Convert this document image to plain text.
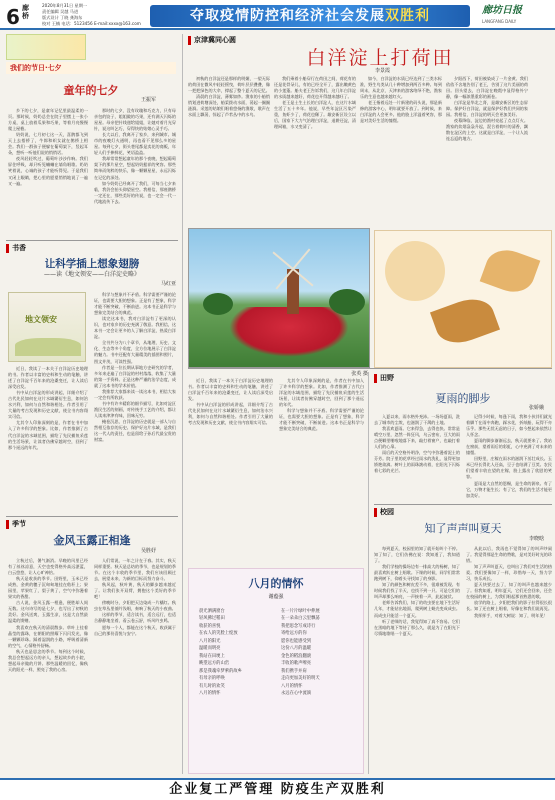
6 廊桥
2020年8月31日 星期一
责任编辑 吴越 马进
版式设计 丁晓 龚海东
校对 王楠 电话：5123456 E-mail:xxxx@163.com	夺取疫情防控和经济社会发展双胜利	廊坊日报
LANGFANG DAILY
我们的节日·七夕
童年的七夕
王振军

乡下的七夕，是童年记忆里最温柔的一页。那时候，奶奶总会在院子里摆上一张小方桌，桌上放着瓜果和巧果，等着月亮慢慢爬上屋檐。

奶奶说，七月初七这一天，喜鹊都飞到天上去搭桥了，牛郎和织女就在鹊桥上相会。我们一群孩子便躲在葡萄架下，竖起耳朵，想听一听他们说的悄悄话。

夜风轻轻吹过，葡萄叶沙沙作响。我们屏住呼吸，却只听见蛐蛐在墙角唱歌。奶奶笑着说，心诚的孩子才能听得见。于是我们又闭上眼睛，把心里的愿望悄悄地说了一遍又一遍。

那时的七夕，没有玫瑰和巧克力，只有母亲包的饺子，姐姐做的巧果，还有满天闪烁的星星。母亲把针线递给姐姐，让她对着月光穿针，说这叫乞巧，穿得快的姑娘心灵手巧。

长大以后，我离开了家乡，来到城市。城市的夜晚灯火通明，再也看不见那么多的星星。每到七夕，街头巷尾都是卖花的商贩，年轻人们手捧鲜花，笑语盈盈。

我却常常想起童年的那个夜晚，想起葡萄架下的那片星空，想起奶奶慈祥的笑容。那些简单而纯粹的快乐，像一颗颗星星，永远闪烁在记忆的深处。

如今奶奶已经离开了我们，可每当七夕来临，我仍会抬头仰望星空。我相信，那座鹊桥一定还在，那些美好的传说，也一定会一代一代地流传下去。

京津冀同心圆
白洋淀上打荷田
李景霞

初秋的白洋淀还是那样的明媚，一望无际的荷田在微风中轻轻摇曳，荷叶层层叠叠，像一把把绿色的大伞，撑起了整个夏天的记忆。

清晨的白洋淀，薄雾如纱。渔家的小船悄悄划进荷塘深处，船桨拨动水面，荡起一圈圈涟漪。采莲的姑娘们唱着悠扬的渔歌，歌声在水面上飘荡，惊起了芦苇丛中的水鸟。

我们乘着小船穿行在荷田之间，荷花有的还是花骨朵儿，有的已经全开了，露出嫩黄色的小莲蓬。船夫老王告诉我们，这几年白洋淀的水质越来越好，荷花也开得越来越旺了。

老王是土生土长的白洋淀人，在这片水域生活了五十多年。他说，早些年淀区污染严重，鱼虾少了，荷花也稀了。雄安新区设立以后，国家下大力气治理白洋淀，退耕还淀，清理网箱，水又变清了。

如今，白洋淀的水质已经达到了三类水标准，野生鸟类从几十种增加到两百多种。每到周末，从北京、天津来的游客络绎不绝，渔家乐的生意也越来越红火。

老王指着远处一片新建的码头说，那是新修的游客中心，明年就要开放了。到时候，来白洋淀的人会更多。他的脸上洋溢着笑容，那是对美好生活的憧憬。

夕阳西下，荷田被染成了一片金黄。我们依依不舍地告别了老王，告别了这片美丽的荷田。回头望去，白洋淀在晚霞中显得格外宁静，像一幅浓墨重彩的画卷。

白洋淀是华北之肾，是雄安新区的生态屏障。保护好白洋淀，就是保护好我们共同的家园。我相信，白洋淀的明天会更加美好。

夜幕降临，淀边的渔村亮起了点点灯火。渔家的炊烟袅袅升起，混合着荷叶的清香，飘散在淀区的上空。这就是白洋淀，一个让人流连忘返的地方。

张英 摄
书香
让科学插上想象翅膀
——读《地文领安——白洋淀史略》
马红亚
地文领安

近日，我读了一本关于白洋淀历史地理的书。作者以丰富的史料和生动的笔触，讲述了白洋淀千百年来的沧桑变迁，让人读后深受启发。

书中从白洋淀的形成讲起，详细介绍了古代先民如何在这片水域繁衍生息，如何治水兴利，如何与自然和谐相处。作者引用了大量的考古发现和历史文献，使全书内容翔实可信。

尤其令人印象深刻的是，作者在书中加入了许多科学的想象。比如，作者推测了古代白洋淀的水域范围，描绘了先民捕鱼采莲的生活场景，让读者仿佛穿越时空，回到了那个遥远的年代。

科学与想象并不矛盾。科学需要严谨的论证，也需要大胆的想象。正是有了想象，科学才能不断突破，不断前进。这本书正是科学与想象完美结合的典范。

读完这本书，我对白洋淀有了更深的认识，也对家乡的历史充满了敬意。我相信，这本书一定会让更多的人了解白洋淀，热爱白洋淀。

全书共分为八个章节，从地理、历史、文化、生态等多个角度，全方位地展示了白洋淀的魅力。书中还配有大量精美的插图和照片，图文并茂，可读性强。

作者是一位长期从事地方史研究的学者，多年来走遍了白洋淀的村村落落，收集了大量的第一手资料。正是这种严谨的治学态度，成就了这本书的学术价值。

我推荐大家都来读一读这本书，相信大家一定会有所收获。

书中有许多精彩的细节描写，比如对淀区渔民生活的刻画，对传统手工艺的介绍，都让人读来津津有味，回味无穷。

掩卷沉思，白洋淀的历史就是一部人与自然相互依存的历史。保护好这片水域，是我们这一代人的责任，也是留给子孙后代最宝贵的财富。

近日，我读了一本关于白洋淀历史地理的书。作者以丰富的史料和生动的笔触，讲述了白洋淀千百年来的沧桑变迁，让人读后深受启发。

书中从白洋淀的形成讲起，详细介绍了古代先民如何在这片水域繁衍生息，如何治水兴利，如何与自然和谐相处。作者引用了大量的考古发现和历史文献，使全书内容翔实可信。

尤其令人印象深刻的是，作者在书中加入了许多科学的想象。比如，作者推测了古代白洋淀的水域范围，描绘了先民捕鱼采莲的生活场景，让读者仿佛穿越时空，回到了那个遥远的年代。

科学与想象并不矛盾。科学需要严谨的论证，也需要大胆的想象。正是有了想象，科学才能不断突破，不断前进。这本书正是科学与想象完美结合的典范。

季节
金风玉露正相逢
吴胜妤

立秋过后，暑气渐消。早晚的风里已经有了丝丝凉意，天空也变得格外高远湛蓝，白云悠悠，让人心旷神怡。

秋天是收获的季节。田野里，玉米已经成熟，金黄的穗子沉甸甸地挂在秸秆上；果园里，苹果红了，梨子黄了，空气中弥漫着果实的香甜。

古人说，金风玉露一相逢，便胜却人间无数。这句诗写的是七夕，也写出了初秋的美好。金风送爽，玉露生凉，这是大自然最温柔的馈赠。

我喜欢在秋天的清晨散步。草叶上挂着晶莹的露珠，在朝阳的照耀下闪闪发光，像一颗颗珍珠。踩着湿润的小路，呼吸着清新的空气，心情格外舒畅。

秋天也是思念的季节。每到这个时候，我总会想起远方的亲人，想起故乡的小院，想起母亲做的月饼。那些温暖的回忆，像秋天的阳光一样，照亮了我的心房。

人们常说，一年之计在于春。其实，秋天同样重要。秋天是总结的季节，也是规划的季节。在这个丰收的季节里，我们应该回顾过去，展望未来，为新的目标而努力奋斗。

秋风起，秋叶黄，秋天的脚步越来越近了。让我们张开双臂，拥抱这个美好的季节吧！

傍晚时分，夕阳把天边染成一片橘红。秋虫在草丛里低吟浅唱，奏响了秋天的小夜曲。

这样的季节，适合读书，适合远行，也适合静静地坐着，看云卷云舒，听风吟虫鸣。

愿每一个人，都能在这个秋天，收获属于自己的那份喜悦与安宁。

八月的情怀
谢蕴强
晨光洒满窗台
轻风拂过稻田
收获的喜悦
在农人的笑脸上绽放
八月的阳光
温暖而明亮
我站在田埂上
眺望远方的山峦
那是我魂牵梦萦的故乡
有母亲的呼唤
有儿时的欢笑
八月的情怀
在一片片绿叶中伸展
在一朵朵白云里飘荡
我把思念写成诗行
寄给远方的你
愿你也能感受到
这份八月的温暖
金色的稻浪翻滚
丰收的歌声嘹亮
我们携手并肩
走向更加美好的明天
八月的情怀
永远在心中流淌
田野
夏雨的脚步
张娇娥

入夏以来，雨水格外充沛。一场场夏雨，洗去了城市的尘埃，也滋润了干渴的土地。

我喜欢夏雨。它来得急，去得也快。常常是晴空万里，忽然一阵狂风，乌云密布，豆大的雨点便噼里啪啦地落下来，敲打着窗户，也敲打着人们的心扉。

雨后的天空格外明净，空气中弥漫着泥土的芬芳。院子里的花草经过雨水的洗礼，显得更加娇艳欲滴。树叶上的雨珠滚动着，在阳光下闪烁着七彩的光芒。

记得小时候，每逢下雨，我和小伙伴们就光着脚丫在雨中奔跑，踩水花，折纸船，玩得不亦乐乎。那些无忧无虑的日子，如今想起来依然让人怀念。

夏雨的脚步渐渐远去，秋天就要来了。我站在窗前，望着雨后的彩虹，心中充满了对未来的憧憬。

田野里，庄稼在雨水的滋润下茁壮成长。玉米已经长得比人还高，豆子也结满了豆荚。农民们望着丰收在望的庄稼，脸上露出了欣慰的笑容。

夏雨是大自然的恩赐，是生命的源泉。有了它，万物才能生长；有了它，我们的生活才能更加美好。

校园
知了声声叫夏天
李晓晗

每到夏天，校园里的知了就开始叫个不停。知了知了，它们仿佛在说：我知道了，我知道了。

我们学校的操场边有一排高大的杨树，知了最喜欢趴在树上唱歌。下课的时候，同学们常常跑到树下，仰着头寻找知了的身影。

知了的颜色和树皮差不多，很难被发现。有时候我们找了半天，也找不到一只。可是它们的叫声却那么响亮，一声接着一声，此起彼伏。

老师告诉我们，知了的幼虫要在地下生活好几年，才能钻出地面，爬到树上蜕壳变成成虫。而成虫只能活一个夏天。

听了老师的话，我觉得知了真不容易。它们在黑暗的地下等待了那么久，就是为了在阳光下尽情地歌唱一个夏天。

从此以后，我再也不觉得知了的叫声吵闹了。我觉得那是生命的赞歌，是对美好时光的珍惜。

知了声声叫夏天，也叫出了我们对生活的热爱。我们要像知了一样，珍惜每一天，努力学习，快乐成长。

夏天快要过去了，知了的叫声也越来越少了。但我知道，明年夏天，它们还会回来，还会在校园的树上，为我们唱起那首熟悉的歌。

放学的路上，夕阳把我们的影子拉得很长很长。知了还在树上唱着，好像在和我们说再见。

我挥挥手，对着大树说：知了，明年见！

企业复工严管理 防疫生产双胜利
